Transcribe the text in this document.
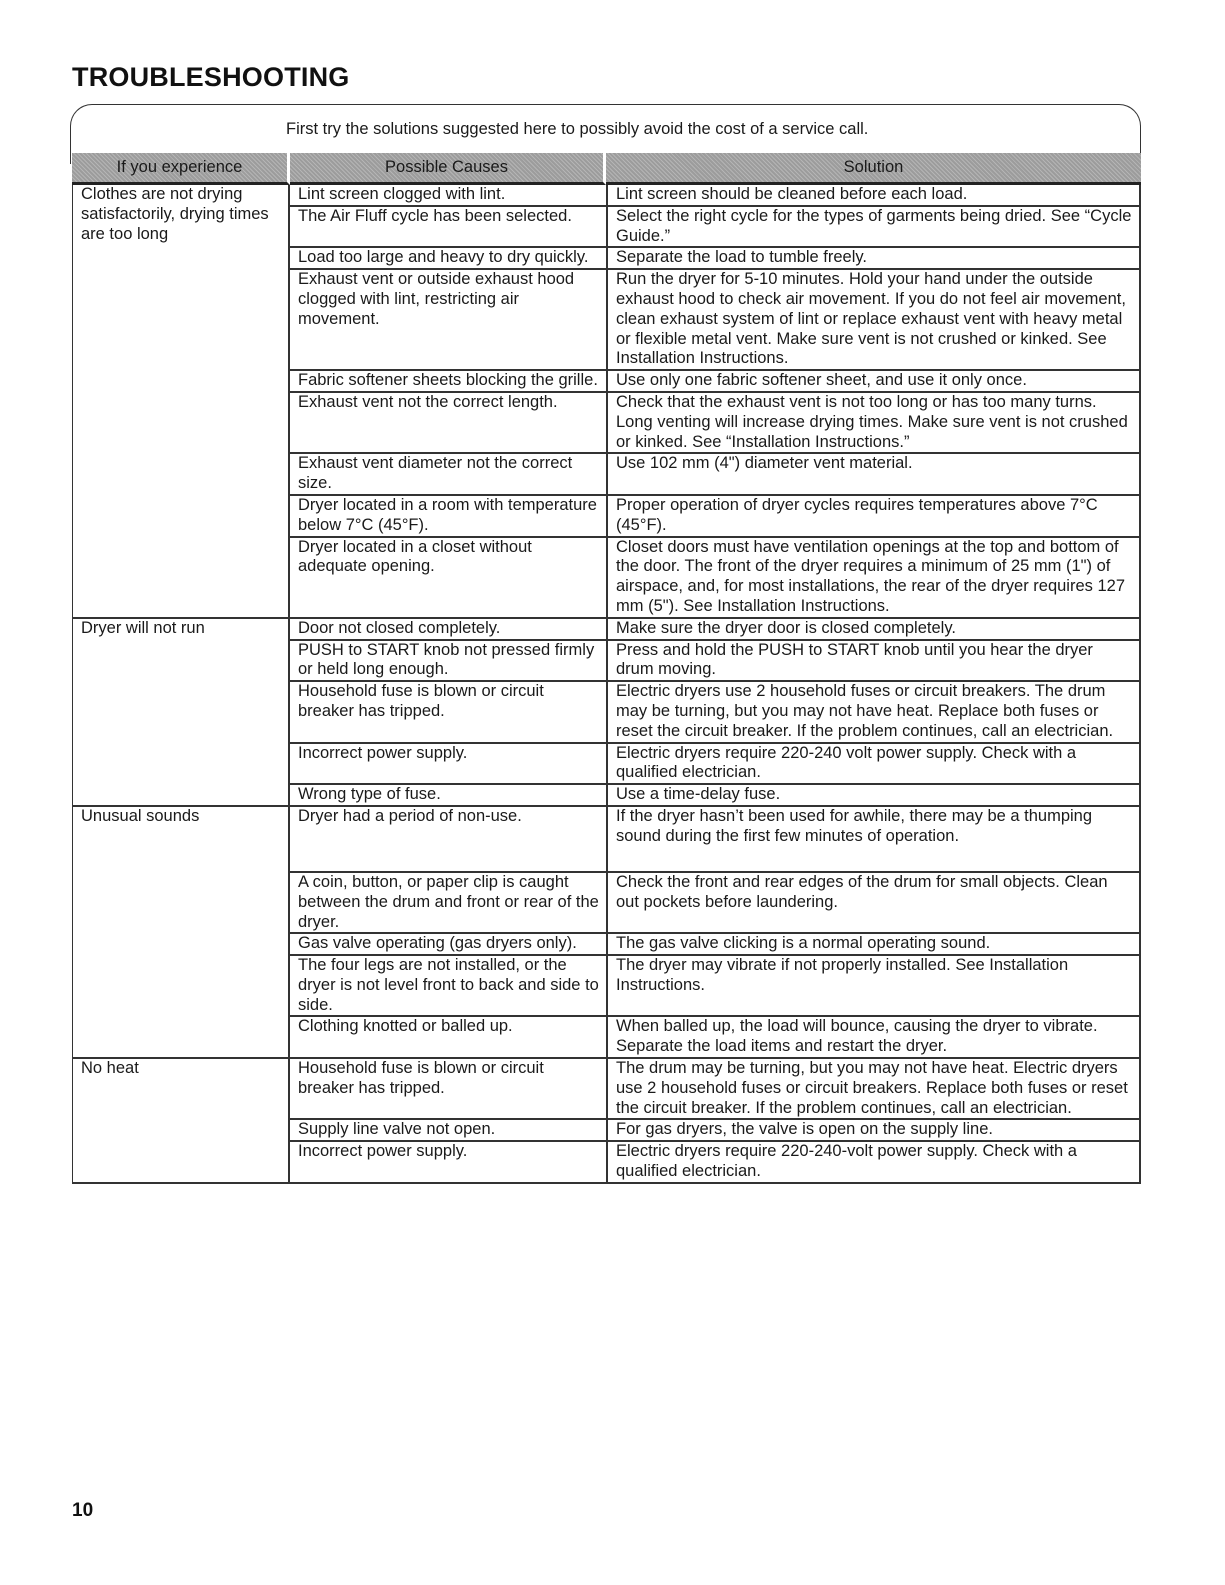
TROUBLESHOOTING
First try the solutions suggested here to possibly avoid the cost of a service call.
If you experience	Possible Causes	Solution
Clothes are not drying satisfactorily, drying times are too long	Lint screen clogged with lint.	Lint screen should be cleaned before each load.
	The Air Fluff cycle has been selected.	Select the right cycle for the types of garments being dried. See “Cycle Guide.”
	Load too large and heavy to dry quickly.	Separate the load to tumble freely.
	Exhaust vent or outside exhaust hood clogged with lint, restricting air movement.	Run the dryer for 5-10 minutes. Hold your hand under the outside exhaust hood to check air movement. If you do not feel air movement, clean exhaust system of lint or replace exhaust vent with heavy metal or flexible metal vent. Make sure vent is not crushed or kinked. See Installation Instructions.
	Fabric softener sheets blocking the grille.	Use only one fabric softener sheet, and use it only once.
	Exhaust vent not the correct length.	Check that the exhaust vent is not too long or has too many turns. Long venting will increase drying times. Make sure vent is not crushed or kinked. See “Installation Instructions.”
	Exhaust vent diameter not the correct size.	Use 102 mm (4") diameter vent material.
	Dryer located in a room with temperature below 7°C (45°F).	Proper operation of dryer cycles requires temperatures above 7°C (45°F).
	Dryer located in a closet without adequate opening.	Closet doors must have ventilation openings at the top and bottom of the door. The front of the dryer requires a minimum of 25 mm (1") of airspace, and, for most installations, the rear of the dryer requires 127 mm (5"). See Installation Instructions.
Dryer will not run	Door not closed completely.	Make sure the dryer door is closed completely.
	PUSH to START knob not pressed firmly or held long enough.	Press and hold the PUSH to START knob until you hear the dryer drum moving.
	Household fuse is blown or circuit breaker has tripped.	Electric dryers use 2 household fuses or circuit breakers. The drum may be turning, but you may not have heat. Replace both fuses or reset the circuit breaker. If the problem continues, call an electrician.
	Incorrect power supply.	Electric dryers require 220-240 volt power supply. Check with a qualified electrician.
	Wrong type of fuse.	Use a time-delay fuse.
Unusual sounds	Dryer had a period of non-use.	If the dryer hasn’t been used for awhile, there may be a thumping sound during the first few minutes of operation.
	A coin, button, or paper clip is caught between the drum and front or rear of the dryer.	Check the front and rear edges of the drum for small objects. Clean out pockets before laundering.
	Gas valve operating (gas dryers only).	The gas valve clicking is a normal operating sound.
	The four legs are not installed, or the dryer is not level front to back and side to side.	The dryer may vibrate if not properly installed. See Installation Instructions.
	Clothing knotted or balled up.	When balled up, the load will bounce, causing the dryer to vibrate. Separate the load items and restart the dryer.
No heat	Household fuse is blown or circuit breaker has tripped.	The drum may be turning, but you may not have heat. Electric dryers use 2 household fuses or circuit breakers. Replace both fuses or reset the circuit breaker. If the problem continues, call an electrician.
	Supply line valve not open.	For gas dryers, the valve is open on the supply line.
	Incorrect power supply.	Electric dryers require 220-240-volt power supply. Check with a qualified electrician.
10
